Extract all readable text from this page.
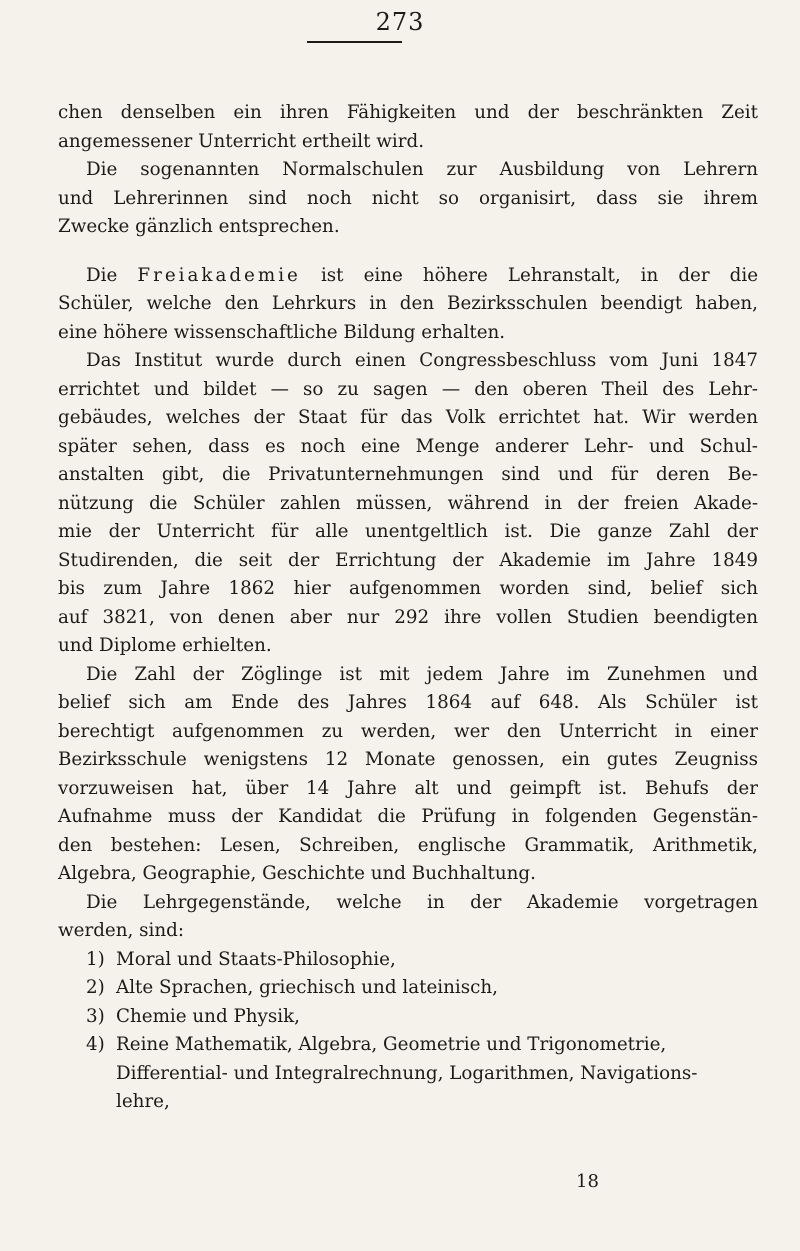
273
chen denselben ein ihren Fähigkeiten und der beschränkten Zeit
angemessener Unterricht ertheilt wird.
Die sogenannten Normalschulen zur Ausbildung von Lehrern
und Lehrerinnen sind noch nicht so organisirt, dass sie ihrem
Zwecke gänzlich entsprechen.
Die Freiakademie ist eine höhere Lehranstalt, in der die
Schüler, welche den Lehrkurs in den Bezirksschulen beendigt haben,
eine höhere wissenschaftliche Bildung erhalten.
Das Institut wurde durch einen Congressbeschluss vom Juni 1847
errichtet und bildet — so zu sagen — den oberen Theil des Lehr-
gebäudes, welches der Staat für das Volk errichtet hat. Wir werden
später sehen, dass es noch eine Menge anderer Lehr- und Schul-
anstalten gibt, die Privatunternehmungen sind und für deren Be-
nützung die Schüler zahlen müssen, während in der freien Akade-
mie der Unterricht für alle unentgeltlich ist. Die ganze Zahl der
Studirenden, die seit der Errichtung der Akademie im Jahre 1849
bis zum Jahre 1862 hier aufgenommen worden sind, belief sich
auf 3821, von denen aber nur 292 ihre vollen Studien beendigten
und Diplome erhielten.
Die Zahl der Zöglinge ist mit jedem Jahre im Zunehmen und
belief sich am Ende des Jahres 1864 auf 648. Als Schüler ist
berechtigt aufgenommen zu werden, wer den Unterricht in einer
Bezirksschule wenigstens 12 Monate genossen, ein gutes Zeugniss
vorzuweisen hat, über 14 Jahre alt und geimpft ist. Behufs der
Aufnahme muss der Kandidat die Prüfung in folgenden Gegenstän-
den bestehen: Lesen, Schreiben, englische Grammatik, Arithmetik,
Algebra, Geographie, Geschichte und Buchhaltung.
Die Lehrgegenstände, welche in der Akademie vorgetragen
werden, sind:
1) Moral und Staats-Philosophie,
2) Alte Sprachen, griechisch und lateinisch,
3) Chemie und Physik,
4) Reine Mathematik, Algebra, Geometrie und Trigonometrie,
Differential- und Integralrechnung, Logarithmen, Navigations-
lehre,
18
